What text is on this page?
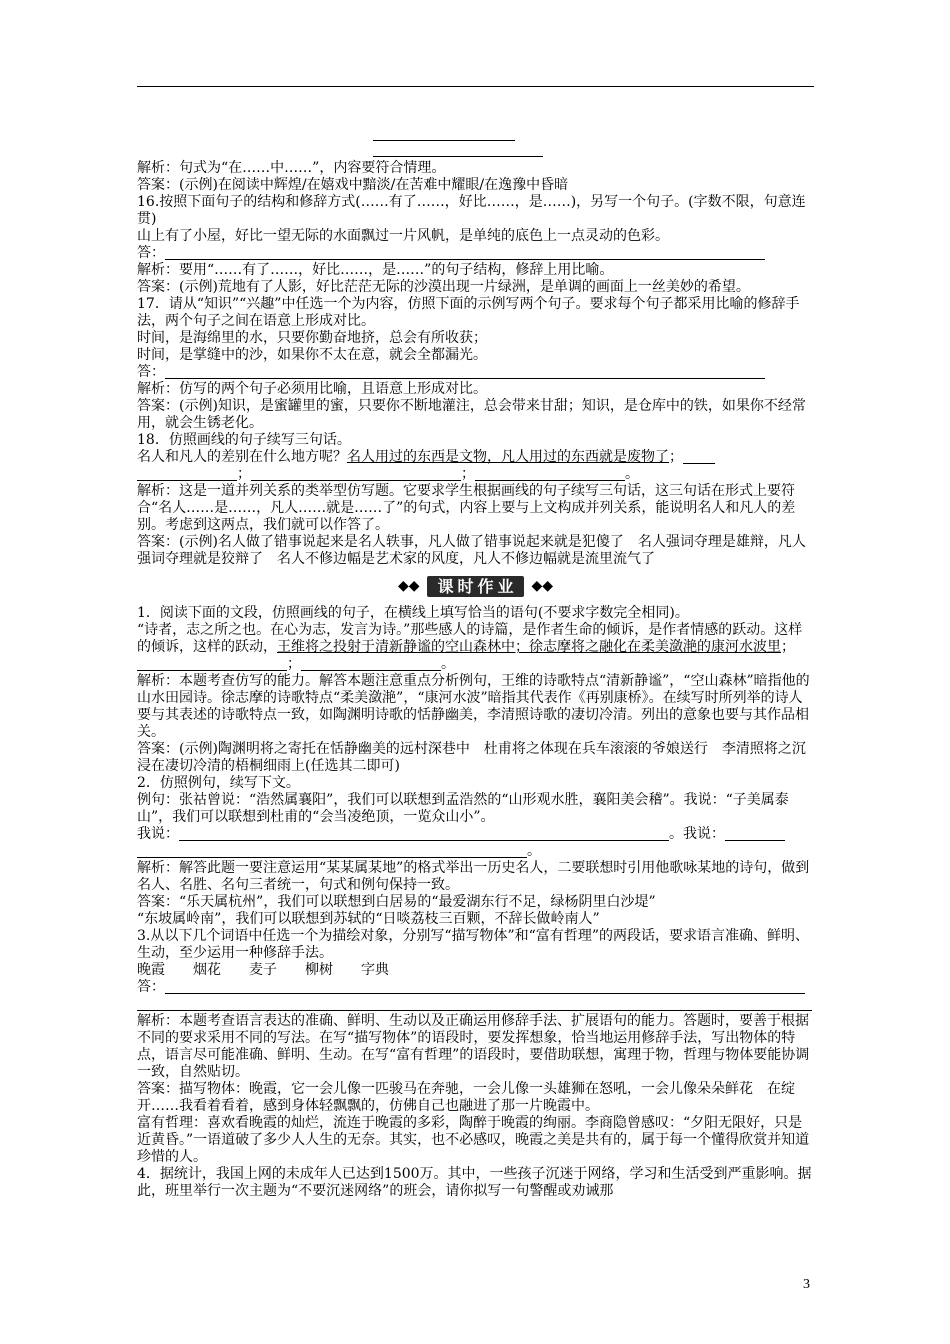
解析：句式为“在……中……”，内容要符合情理。

答案：(示例)在阅读中辉煌/在嬉戏中黯淡/在苦难中耀眼/在逸豫中昏暗

16.按照下面句子的结构和修辞方式(……有了……，好比……，是……)，另写一个句子。(字数不限，句意连贯)

山上有了小屋，好比一望无际的水面飘过一片风帆，是单纯的底色上一点灵动的色彩。

答：

解析：要用“……有了……，好比……，是……”的句子结构，修辞上用比喻。

答案：(示例)荒地有了人影，好比茫茫无际的沙漠出现一片绿洲，是单调的画面上一丝美妙的希望。

17．请从“知识”“兴趣”中任选一个为内容，仿照下面的示例写两个句子。要求每个句子都采用比喻的修辞手法，两个句子之间在语意上形成对比。

时间，是海绵里的水，只要你勤奋地挤，总会有所收获；

时间，是掌缝中的沙，如果你不太在意，就会全都漏光。

答：

解析：仿写的两个句子必须用比喻，且语意上形成对比。

答案：(示例)知识，是蜜罐里的蜜，只要你不断地灌注，总会带来甘甜；知识，是仓库中的铁，如果你不经常用，就会生锈老化。

18．仿照画线的句子续写三句话。

名人和凡人的差别在什么地方呢？名人用过的东西是文物，凡人用过的东西就是废物了；；	；	。

解析：这是一道并列关系的类举型仿写题。它要求学生根据画线的句子续写三句话，这三句话在形式上要符合“名人……是……，凡人……就是……了”的句式，内容上要与上文构成并列关系，能说明名人和凡人的差别。考虑到这两点，我们就可以作答了。

答案：(示例)名人做了错事说起来是名人轶事，凡人做了错事说起来就是犯傻了　名人强词夺理是雄辩，凡人强词夺理就是狡辩了　名人不修边幅是艺术家的风度，凡人不修边幅就是流里流气了

◆◆	课时作业	◆◆

1．阅读下面的文段，仿照画线的句子，在横线上填写恰当的语句(不要求字数完全相同)。

“诗者，志之所之也。在心为志，发言为诗。”那些感人的诗篇，是作者生命的倾诉，是作者情感的跃动。这样的倾诉，这样的跃动，王维将之投射于清新静谧的空山森林中；徐志摩将之融化在柔美潋滟的康河水波里；；	。

解析：本题考查仿写的能力。解答本题注意重点分析例句，王维的诗歌特点“清新静谧”，“空山森林”暗指他的山水田园诗。徐志摩的诗歌特点“柔美潋滟”，“康河水波”暗指其代表作《再别康桥》。在续写时所列举的诗人要与其表述的诗歌特点一致，如陶渊明诗歌的恬静幽美，李清照诗歌的凄切冷清。列出的意象也要与其作品相关。

答案：(示例)陶渊明将之寄托在恬静幽美的远村深巷中　杜甫将之体现在兵车滚滚的爷娘送行　李清照将之沉浸在凄切冷清的梧桐细雨上(任选其二即可)

2．仿照例句，续写下文。

例句：张祜曾说：“浩然属襄阳”，我们可以联想到孟浩然的“山形观水胜，襄阳美会稽”。我说：“子美属泰山”，我们可以联想到杜甫的“会当凌绝顶，一览众山小”。

我说：	。我说：。

解析：解答此题一要注意运用“某某属某地”的格式举出一历史名人，二要联想时引用他歌咏某地的诗句，做到名人、名胜、名句三者统一，句式和例句保持一致。

答案：“乐天属杭州”，我们可以联想到白居易的“最爱湖东行不足，绿杨阴里白沙堤”

“东坡属岭南”，我们可以联想到苏轼的“日啖荔枝三百颗，不辞长做岭南人”

3.从以下几个词语中任选一个为描绘对象，分别写“描写物体”和“富有哲理”的两段话，要求语言准确、鲜明、生动，至少运用一种修辞手法。

晚霞 烟花 麦子 柳树 字典

答：

解析：本题考查语言表达的准确、鲜明、生动以及正确运用修辞手法、扩展语句的能力。答题时，要善于根据不同的要求采用不同的写法。在写“描写物体”的语段时，要发挥想象，恰当地运用修辞手法，写出物体的特点，语言尽可能准确、鲜明、生动。在写“富有哲理”的语段时，要借助联想，寓理于物，哲理与物体要能协调一致，自然贴切。

答案：描写物体：晚霞，它一会儿像一匹骏马在奔驰，一会儿像一头雄狮在怒吼，一会儿像朵朵鲜花　在绽开……我看着看着，感到身体轻飘飘的，仿佛自己也融进了那一片晚霞中。

富有哲理：喜欢看晚霞的灿烂，流连于晚霞的多彩，陶醉于晚霞的绚丽。李商隐曾感叹：“夕阳无限好，只是近黄昏。”一语道破了多少人人生的无奈。其实，也不必感叹，晚霞之美是共有的，属于每一个懂得欣赏并知道珍惜的人。

4．据统计，我国上网的未成年人已达到1500万。其中，一些孩子沉迷于网络，学习和生活受到严重影响。据此，班里举行一次主题为“不要沉迷网络”的班会，请你拟写一句警醒或劝诫那

3
